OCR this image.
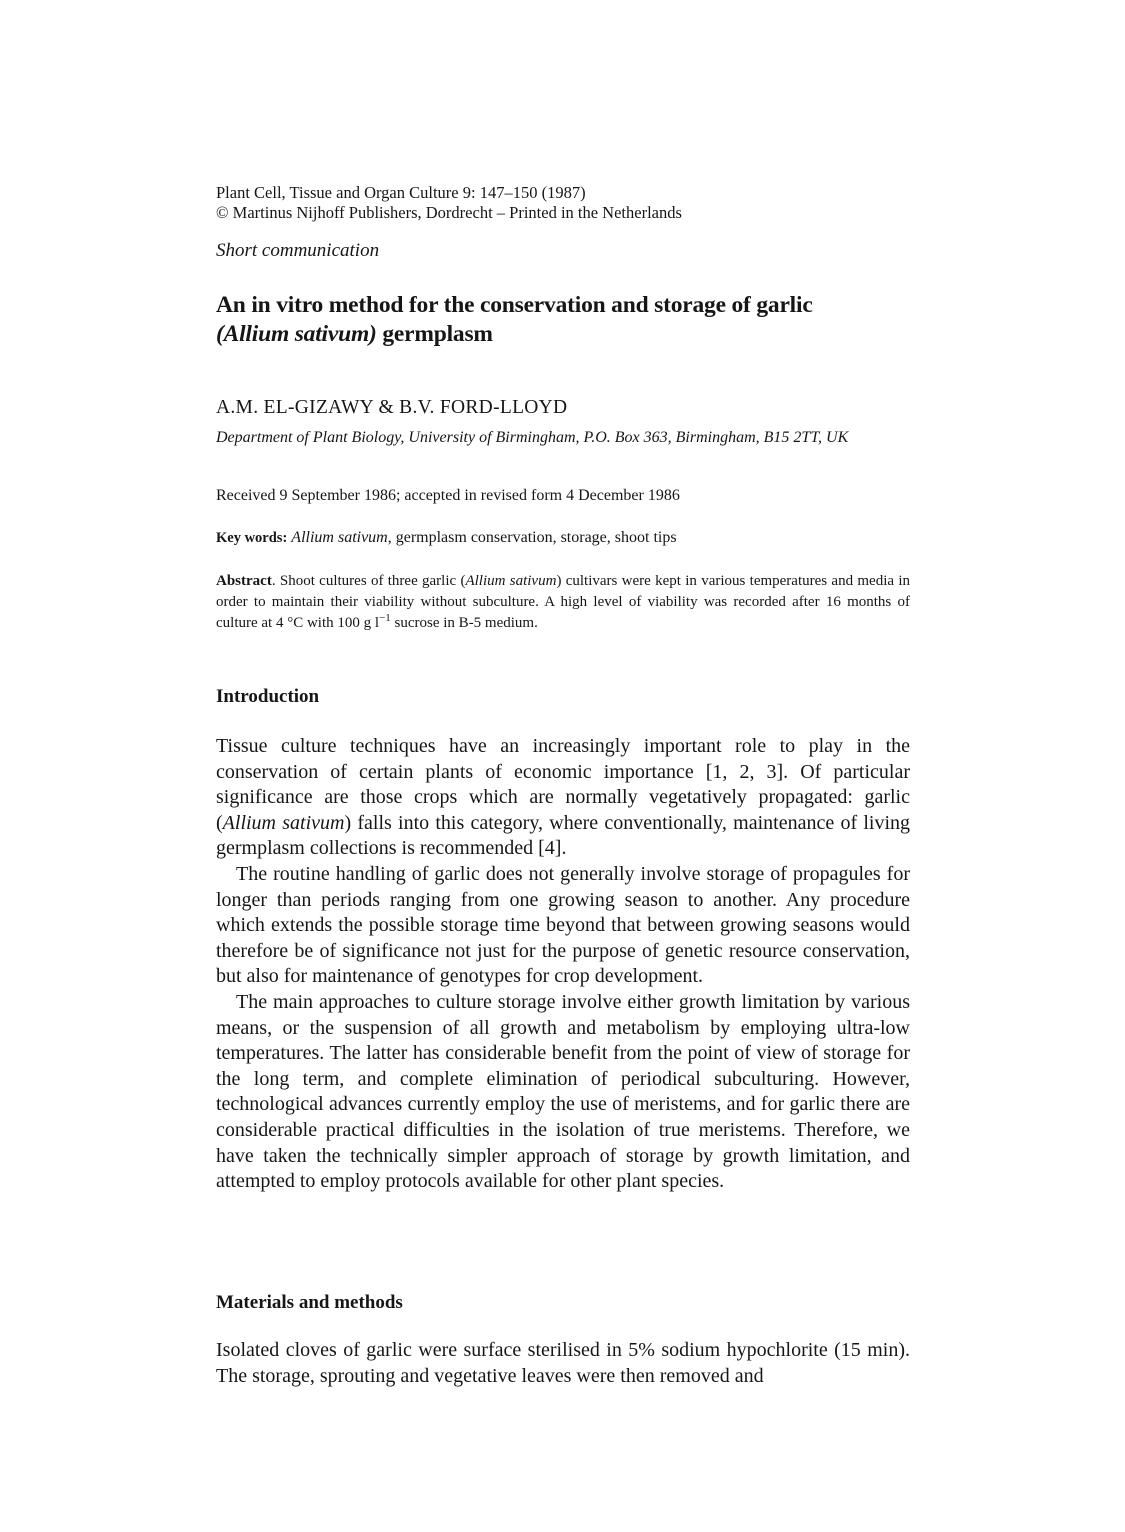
Plant Cell, Tissue and Organ Culture 9: 147–150 (1987)
© Martinus Nijhoff Publishers, Dordrecht – Printed in the Netherlands
Short communication
An in vitro method for the conservation and storage of garlic
(Allium sativum) germplasm
A.M. EL-GIZAWY & B.V. FORD-LLOYD
Department of Plant Biology, University of Birmingham, P.O. Box 363, Birmingham, B15 2TT, UK
Received 9 September 1986; accepted in revised form 4 December 1986
Key words: Allium sativum, germplasm conservation, storage, shoot tips
Abstract. Shoot cultures of three garlic (Allium sativum) cultivars were kept in various temperatures and media in order to maintain their viability without subculture. A high level of viability was recorded after 16 months of culture at 4 °C with 100 g $l^{-1}$ sucrose in B-5 medium.
Introduction

Tissue culture techniques have an increasingly important role to play in the conservation of certain plants of economic importance [1, 2, 3]. Of particular significance are those crops which are normally vegetatively propagated: garlic (Allium sativum) falls into this category, where conventionally, maintenance of living germplasm collections is recommended [4].

The routine handling of garlic does not generally involve storage of propagules for longer than periods ranging from one growing season to another. Any procedure which extends the possible storage time beyond that between growing seasons would therefore be of significance not just for the purpose of genetic resource conservation, but also for maintenance of genotypes for crop development.

The main approaches to culture storage involve either growth limitation by various means, or the suspension of all growth and metabolism by employing ultra-low temperatures. The latter has considerable benefit from the point of view of storage for the long term, and complete elimination of periodical subculturing. However, technological advances currently employ the use of meristems, and for garlic there are considerable practical difficulties in the isolation of true meristems. Therefore, we have taken the technically simpler approach of storage by growth limitation, and attempted to employ protocols available for other plant species.

Materials and methods

Isolated cloves of garlic were surface sterilised in 5% sodium hypochlorite (15 min). The storage, sprouting and vegetative leaves were then removed and
